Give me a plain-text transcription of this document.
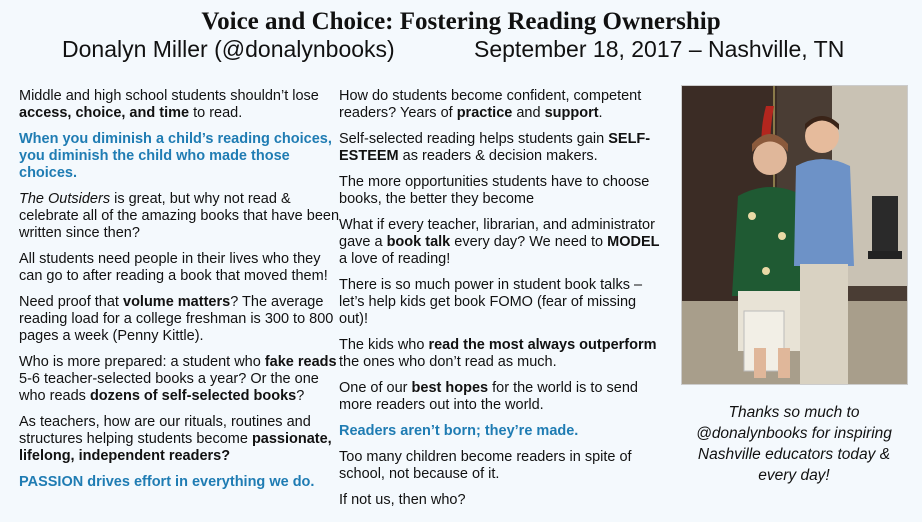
Voice and Choice: Fostering Reading Ownership
Donalyn Miller (@donalynbooks)	September 18, 2017 – Nashville, TN

Middle and high school students shouldn’t lose access, choice, and time to read.

When you diminish a child’s reading choices, you diminish the child who made those choices.

The Outsiders is great, but why not read & celebrate all of the amazing books that have been written since then?

All students need people in their lives who they can go to after reading a book that moved them!

Need proof that volume matters? The average reading load for a college freshman is 300 to 800 pages a week (Penny Kittle).

Who is more prepared: a student who fake reads 5-6 teacher-selected books a year? Or the one who reads dozens of self-selected books?

As teachers, how are our rituals, routines and structures helping students become passionate, lifelong, independent readers?

PASSION drives effort in everything we do.

How do students become confident, competent readers? Years of practice and support.

Self-selected reading helps students gain SELF-ESTEEM as readers & decision makers.

The more opportunities students have to choose books, the better they become

What if every teacher, librarian, and administrator gave a book talk every day? We need to MODEL a love of reading!

There is so much power in student book talks – let’s help kids get book FOMO (fear of missing out)!

The kids who read the most always outperform the ones who don’t read as much.

One of our best hopes for the world is to send more readers out into the world.

Readers aren’t born; they’re made.

Too many children become readers in spite of school, not because of it.

If not us, then who?

Thanks so much to @donalynbooks for inspiring Nashville educators today & every day!
